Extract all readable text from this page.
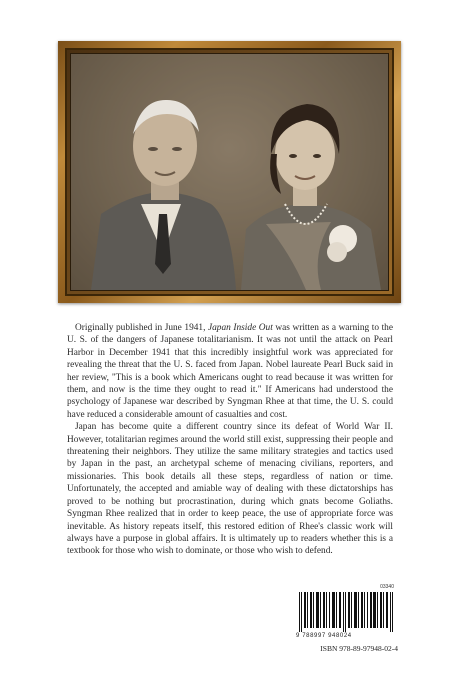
Originally published in June 1941, Japan Inside Out was written as a warning to the U. S. of the dangers of Japanese totalitarianism. It was not until the attack on Pearl Harbor in December 1941 that this incredibly insightful work was appreciated for revealing the threat that the U. S. faced from Japan. Nobel laureate Pearl Buck said in her review, "This is a book which Americans ought to read because it was written for them, and now is the time they ought to read it." If Americans had understood the psychology of Japanese war described by Syngman Rhee at that time, the U. S. could have reduced a considerable amount of casualties and cost.

Japan has become quite a different country since its defeat of World War II. However, totalitarian regimes around the world still exist, suppressing their people and threatening their neighbors. They utilize the same military strategies and tactics used by Japan in the past, an archetypal scheme of menacing civilians, reporters, and missionaries. This book details all these steps, regardless of nation or time. Unfortunately, the accepted and amiable way of dealing with these dictatorships has proved to be nothing but procrastination, during which gnats become Goliaths. Syngman Rhee realized that in order to keep peace, the use of appropriate force was inevitable. As history repeats itself, this restored edition of Rhee's classic work will always have a purpose in global affairs. It is ultimately up to readers whether this is a textbook for those who wish to dominate, or those who wish to defend.

03340
9 788997 948024
ISBN 978-89-97948-02-4
